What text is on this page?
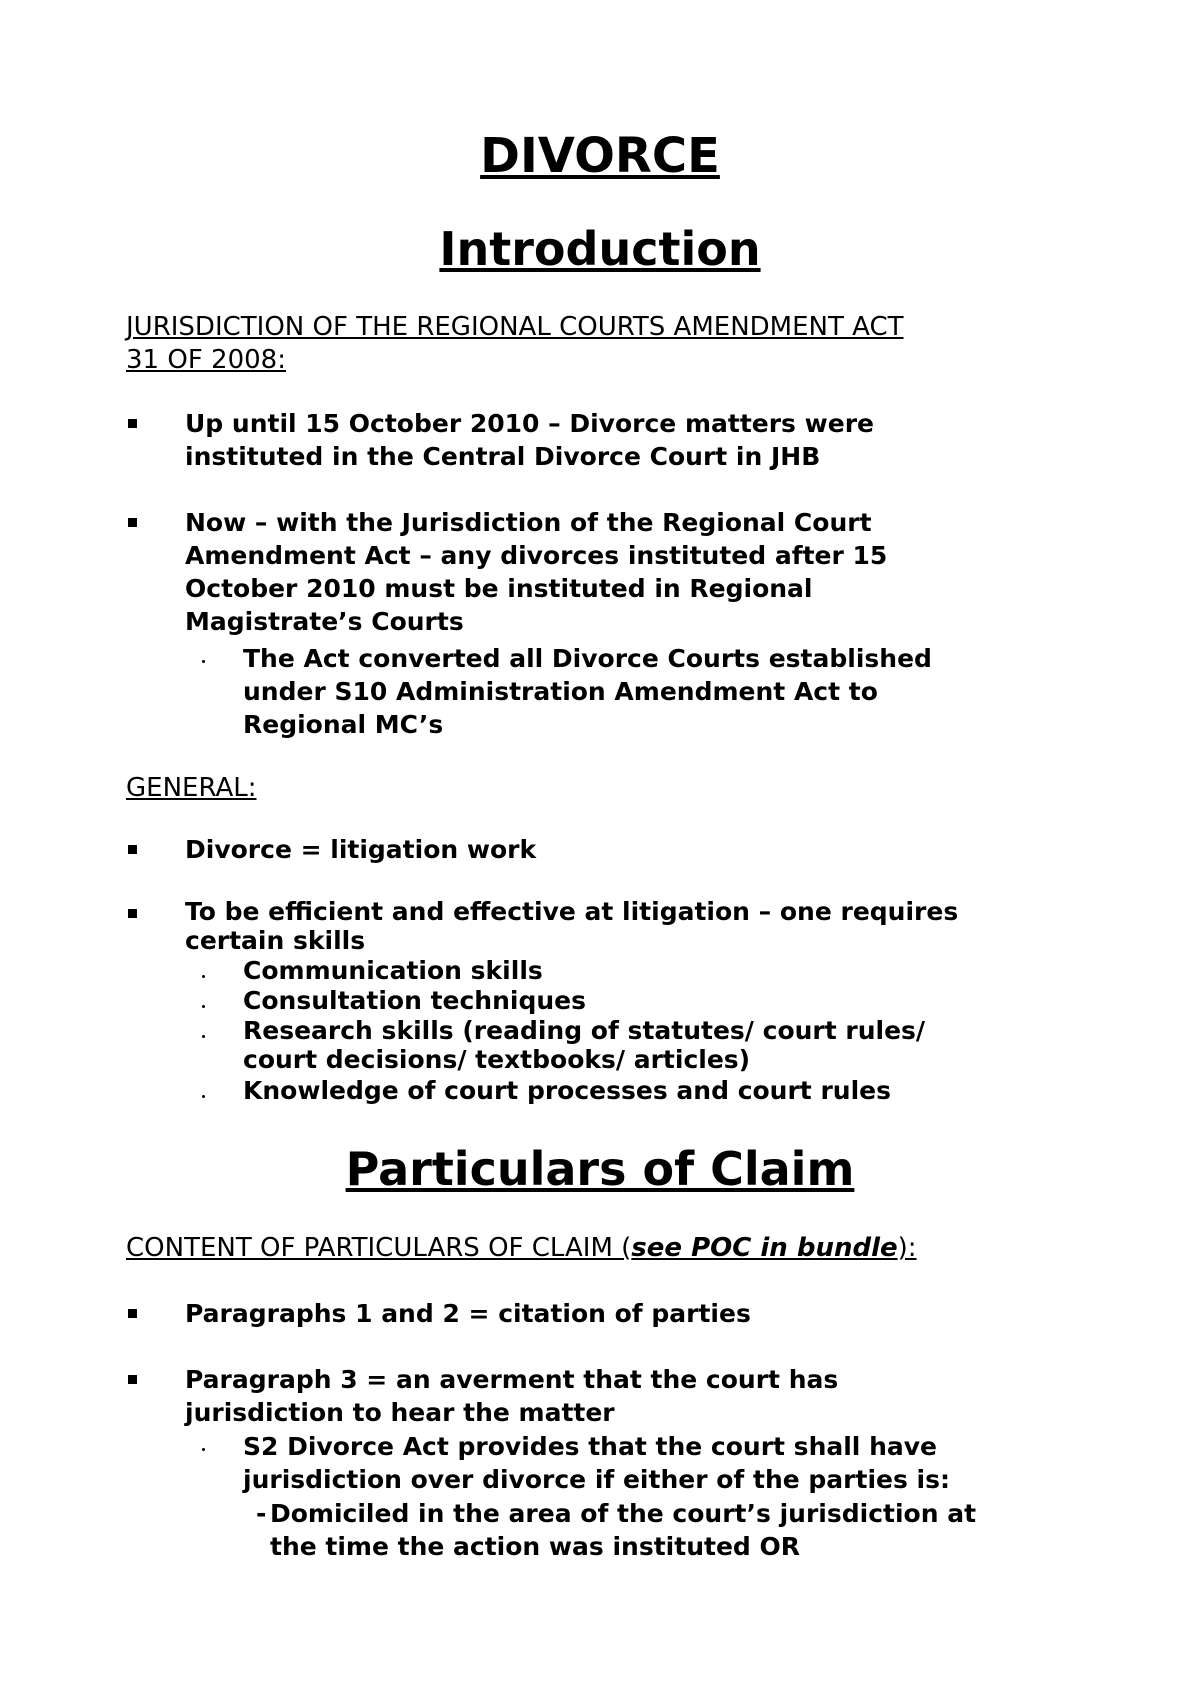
DIVORCE
Introduction
JURISDICTION OF THE REGIONAL COURTS AMENDMENT ACT
31 OF 2008:
Up until 15 October 2010 – Divorce matters were
instituted in the Central Divorce Court in JHB
Now – with the Jurisdiction of the Regional Court
Amendment Act – any divorces instituted after 15
October 2010 must be instituted in Regional
Magistrate’s Courts
The Act converted all Divorce Courts established
under S10 Administration Amendment Act to
Regional MC’s
GENERAL:
Divorce = litigation work
To be efficient and effective at litigation – one requires
certain skills
Communication skills
Consultation techniques
Research skills (reading of statutes/ court rules/
court decisions/ textbooks/ articles)
Knowledge of court processes and court rules
Particulars of Claim
CONTENT OF PARTICULARS OF CLAIM (see POC in bundle):
Paragraphs 1 and 2 = citation of parties
Paragraph 3 = an averment that the court has
jurisdiction to hear the matter
S2 Divorce Act provides that the court shall have
jurisdiction over divorce if either of the parties is:
- Domiciled in the area of the court’s jurisdiction at
the time the action was instituted OR
